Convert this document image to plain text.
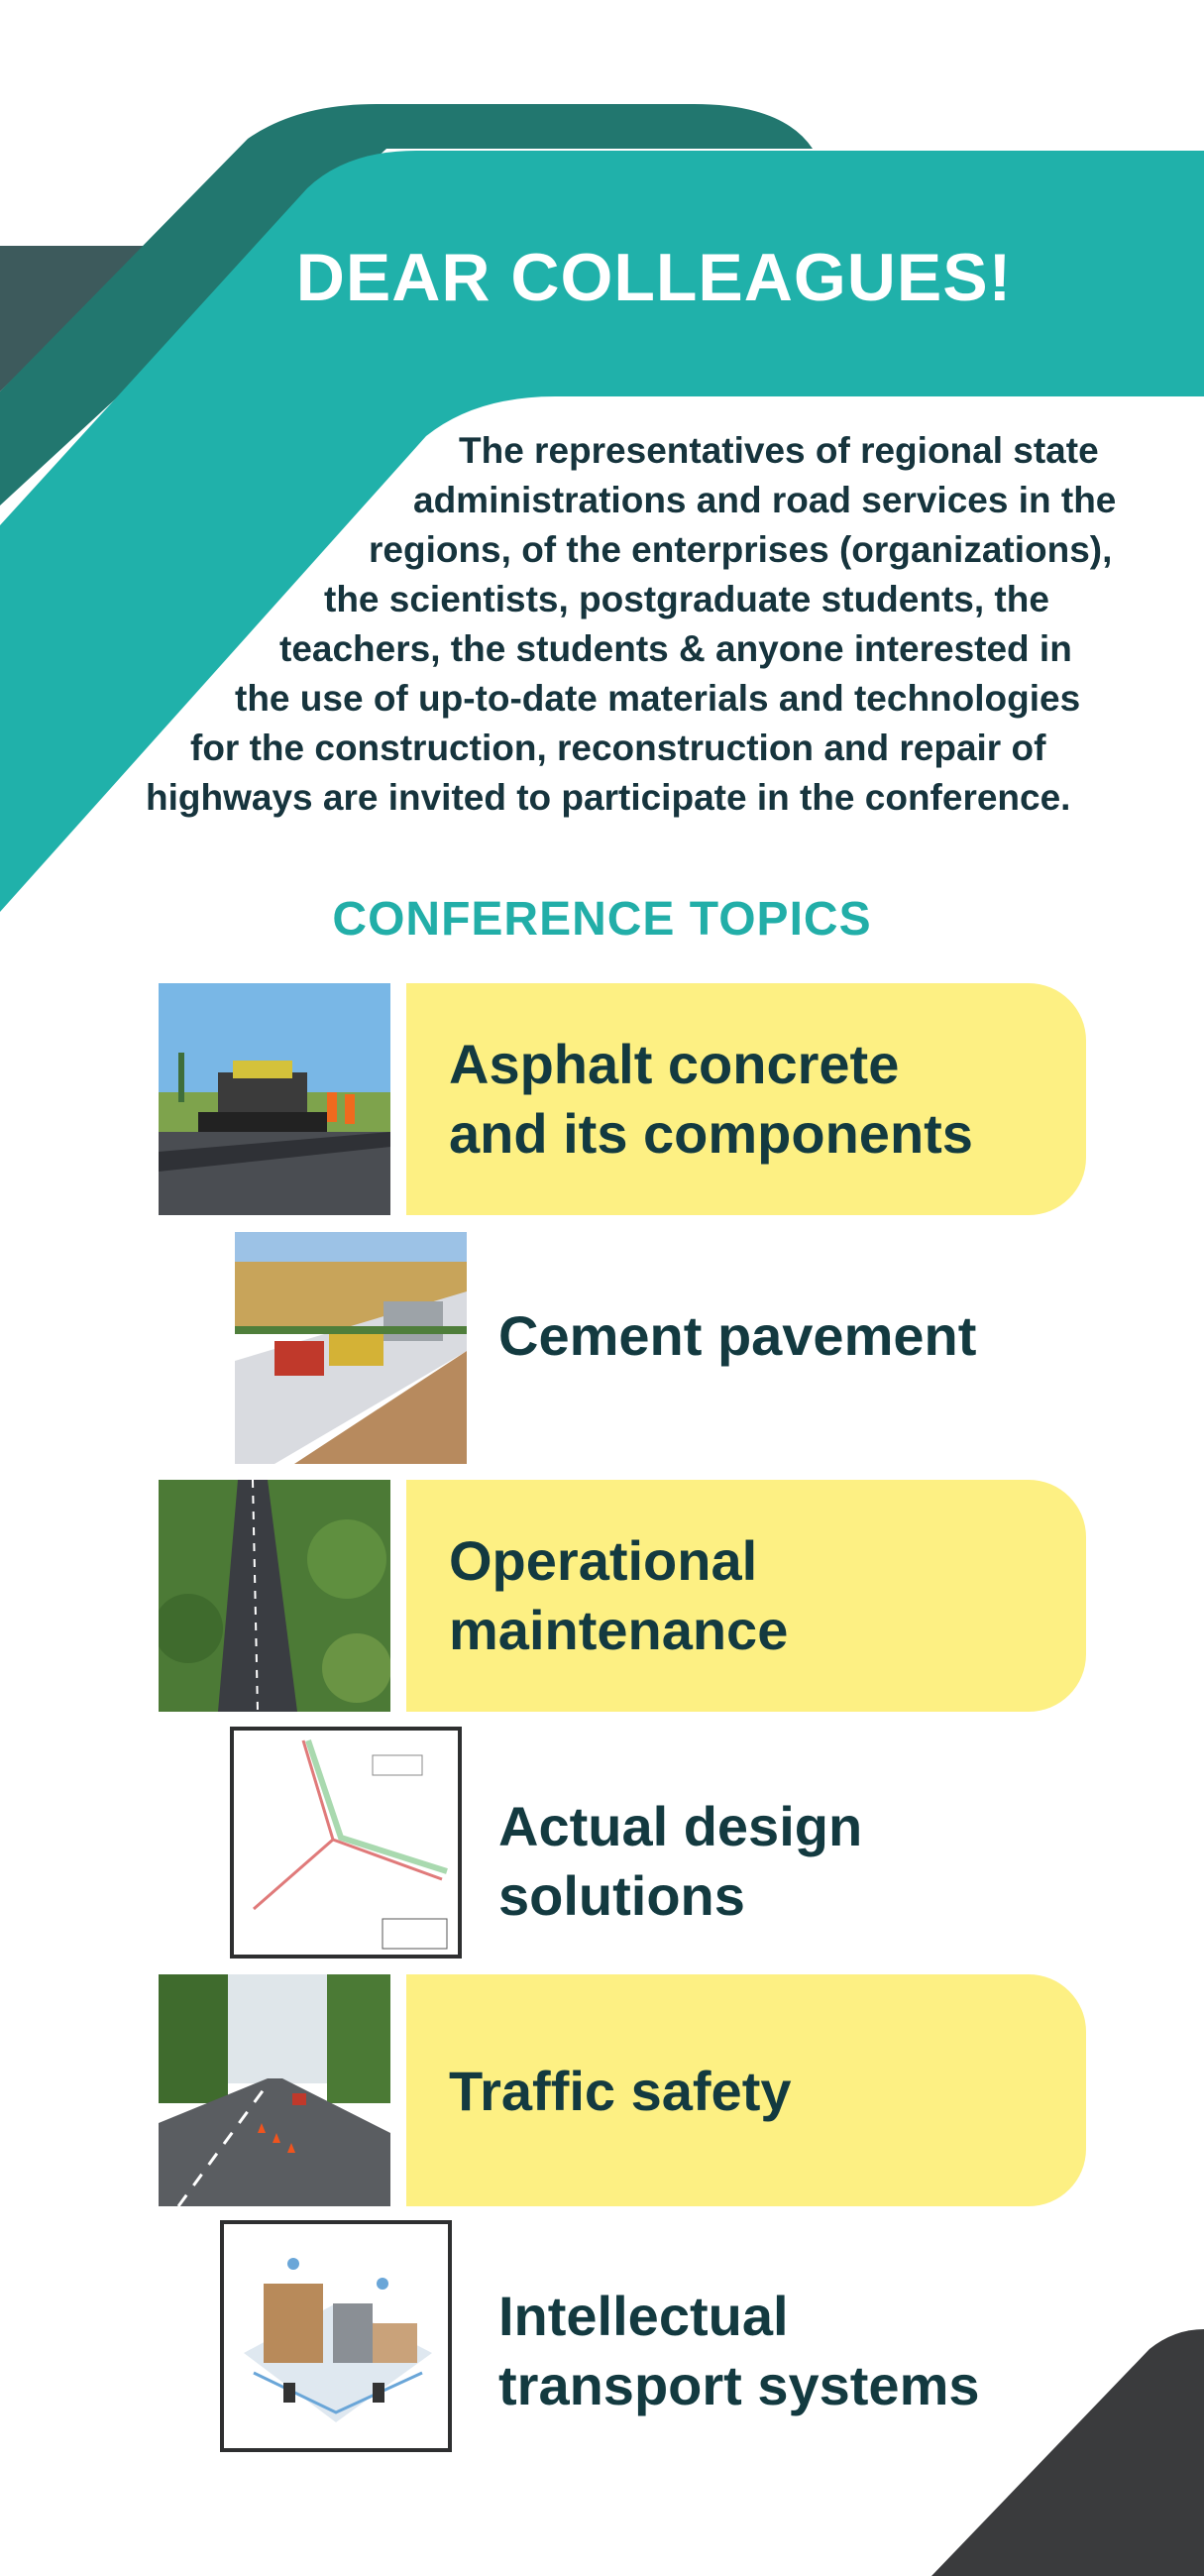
DEAR COLLEAGUES!
The representatives of regional state
administrations and road services in the
regions, of the enterprises (organizations),
the scientists, postgraduate students, the
teachers, the students & anyone interested in
the use of up-to-date materials and technologies
for the construction, reconstruction and repair of
highways are invited to participate in the conference.
CONFERENCE TOPICS
Asphalt concrete
and its components
Cement pavement
Operational
maintenance
Actual design
solutions
Traffic safety
Intellectual
transport systems
